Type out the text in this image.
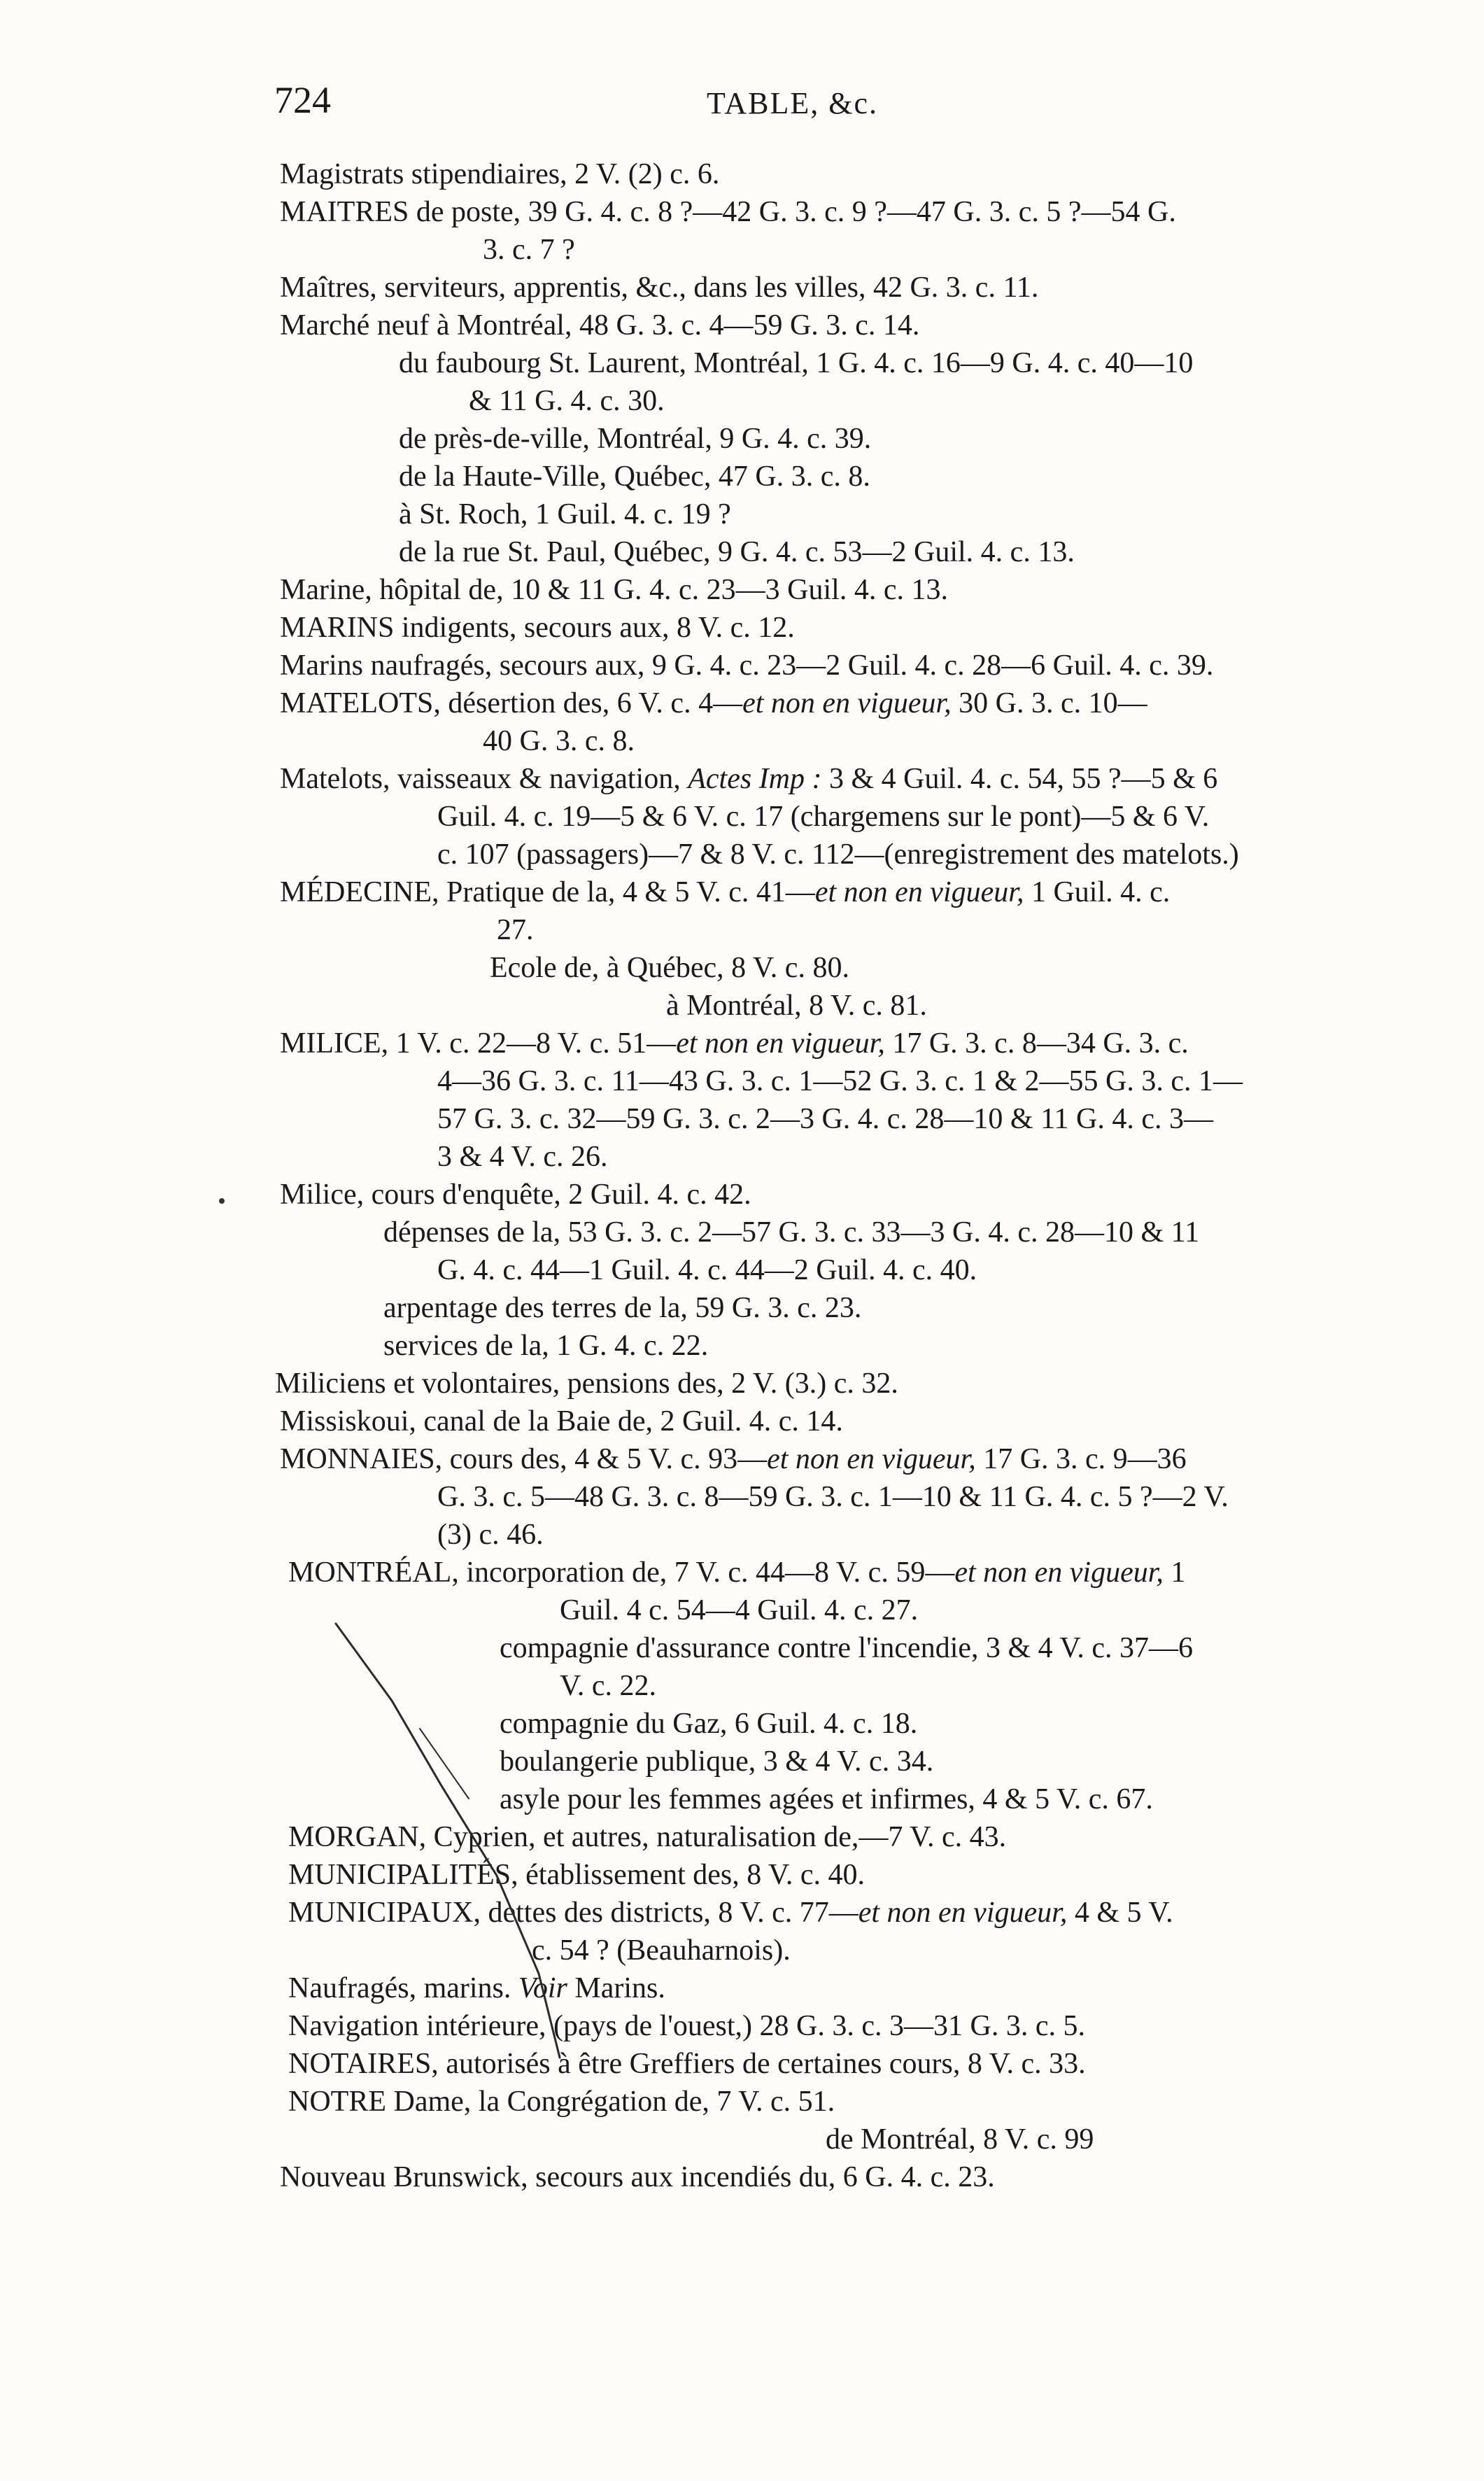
724	TABLE, &c.
Magistrats stipendiaires, 2 V. (2) c. 6.
MAITRES de poste, 39 G. 4. c. 8 ?—42 G. 3. c. 9 ?—47 G. 3. c. 5 ?—54 G.
3. c. 7 ?
Maîtres, serviteurs, apprentis, &c., dans les villes, 42 G. 3. c. 11.
Marché neuf à Montréal, 48 G. 3. c. 4—59 G. 3. c. 14.
du faubourg St. Laurent, Montréal, 1 G. 4. c. 16—9 G. 4. c. 40—10
& 11 G. 4. c. 30.
de près-de-ville, Montréal, 9 G. 4. c. 39.
de la Haute-Ville, Québec, 47 G. 3. c. 8.
à St. Roch, 1 Guil. 4. c. 19 ?
de la rue St. Paul, Québec, 9 G. 4. c. 53—2 Guil. 4. c. 13.
Marine, hôpital de, 10 & 11 G. 4. c. 23—3 Guil. 4. c. 13.
MARINS indigents, secours aux, 8 V. c. 12.
Marins naufragés, secours aux, 9 G. 4. c. 23—2 Guil. 4. c. 28—6 Guil. 4. c. 39.
MATELOTS, désertion des, 6 V. c. 4—et non en vigueur, 30 G. 3. c. 10—
40 G. 3. c. 8.
Matelots, vaisseaux & navigation, Actes Imp : 3 & 4 Guil. 4. c. 54, 55 ?—5 & 6
Guil. 4. c. 19—5 & 6 V. c. 17 (chargemens sur le pont)—5 & 6 V.
c. 107 (passagers)—7 & 8 V. c. 112—(enregistrement des matelots.)
MÉDECINE, Pratique de la, 4 & 5 V. c. 41—et non en vigueur, 1 Guil. 4. c.
27.
Ecole de, à Québec, 8 V. c. 80.
à Montréal, 8 V. c. 81.
MILICE, 1 V. c. 22—8 V. c. 51—et non en vigueur, 17 G. 3. c. 8—34 G. 3. c.
4—36 G. 3. c. 11—43 G. 3. c. 1—52 G. 3. c. 1 & 2—55 G. 3. c. 1—
57 G. 3. c. 32—59 G. 3. c. 2—3 G. 4. c. 28—10 & 11 G. 4. c. 3—
3 & 4 V. c. 26.
Milice, cours d'enquête, 2 Guil. 4. c. 42.
dépenses de la, 53 G. 3. c. 2—57 G. 3. c. 33—3 G. 4. c. 28—10 & 11
G. 4. c. 44—1 Guil. 4. c. 44—2 Guil. 4. c. 40.
arpentage des terres de la, 59 G. 3. c. 23.
services de la, 1 G. 4. c. 22.
Miliciens et volontaires, pensions des, 2 V. (3.) c. 32.
Missiskoui, canal de la Baie de, 2 Guil. 4. c. 14.
MONNAIES, cours des, 4 & 5 V. c. 93—et non en vigueur, 17 G. 3. c. 9—36
G. 3. c. 5—48 G. 3. c. 8—59 G. 3. c. 1—10 & 11 G. 4. c. 5 ?—2 V.
(3) c. 46.
MONTRÉAL, incorporation de, 7 V. c. 44—8 V. c. 59—et non en vigueur, 1
Guil. 4 c. 54—4 Guil. 4. c. 27.
compagnie d'assurance contre l'incendie, 3 & 4 V. c. 37—6
V. c. 22.
compagnie du Gaz, 6 Guil. 4. c. 18.
boulangerie publique, 3 & 4 V. c. 34.
asyle pour les femmes agées et infirmes, 4 & 5 V. c. 67.
MORGAN, Cyprien, et autres, naturalisation de,—7 V. c. 43.
MUNICIPALITÉS, établissement des, 8 V. c. 40.
MUNICIPAUX, dettes des districts, 8 V. c. 77—et non en vigueur, 4 & 5 V.
c. 54 ? (Beauharnois).
Naufragés, marins. Voir Marins.
Navigation intérieure, (pays de l'ouest,) 28 G. 3. c. 3—31 G. 3. c. 5.
NOTAIRES, autorisés à être Greffiers de certaines cours, 8 V. c. 33.
NOTRE Dame, la Congrégation de, 7 V. c. 51.
de Montréal, 8 V. c. 99
Nouveau Brunswick, secours aux incendiés du, 6 G. 4. c. 23.
